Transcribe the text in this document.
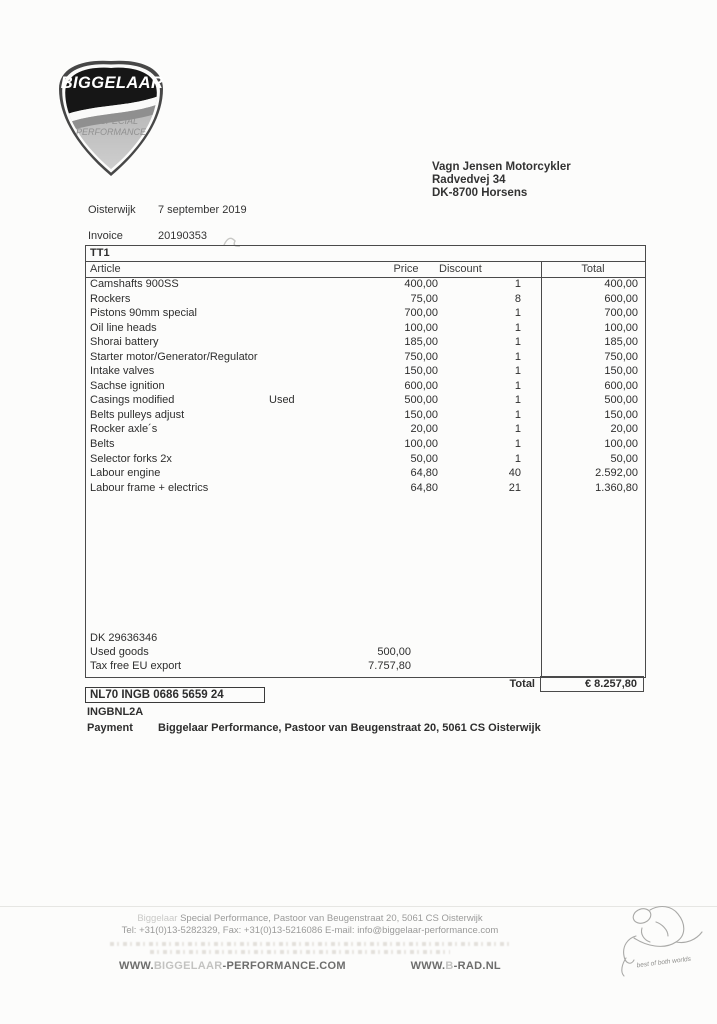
BIGGELAAR
SPECIAL
PERFORMANCE
Vagn Jensen Motorcykler
Radvedvej 34
DK-8700 Horsens
Oisterwijk 7 september 2019
Invoice	20190353
TT1
Article	Price	Discount	Total
Camshafts 900SS	400,00	1	400,00
Rockers	75,00	8	600,00
Pistons 90mm special	700,00	1	700,00
Oil line heads	100,00	1	100,00
Shorai battery	185,00	1	185,00
Starter motor/Generator/Regulator	750,00	1	750,00
Intake valves	150,00	1	150,00
Sachse ignition	600,00	1	600,00
Casings modified	Used	500,00	1	500,00
Belts pulleys adjust	150,00	1	150,00
Rocker axle´s	20,00	1	20,00
Belts	100,00	1	100,00
Selector forks 2x	50,00	1	50,00
Labour engine	64,80	40	2.592,00
Labour frame + electrics	64,80	21	1.360,80
DK 29636346
Used goods	500,00
Tax free EU export	7.757,80
Total	€ 8.257,80
NL70 INGB 0686 5659 24
INGBNL2A
Payment Biggelaar Performance, Pastoor van Beugenstraat 20, 5061 CS Oisterwijk
Biggelaar Special Performance, Pastoor van Beugenstraat 20, 5061 CS Oisterwijk
Tel: +31(0)13-5282329, Fax: +31(0)13-5216086 E-mail: info@biggelaar-performance.com
WWW.BIGGELAAR-PERFORMANCE.COM	WWW.B-RAD.NL	best of both worlds
